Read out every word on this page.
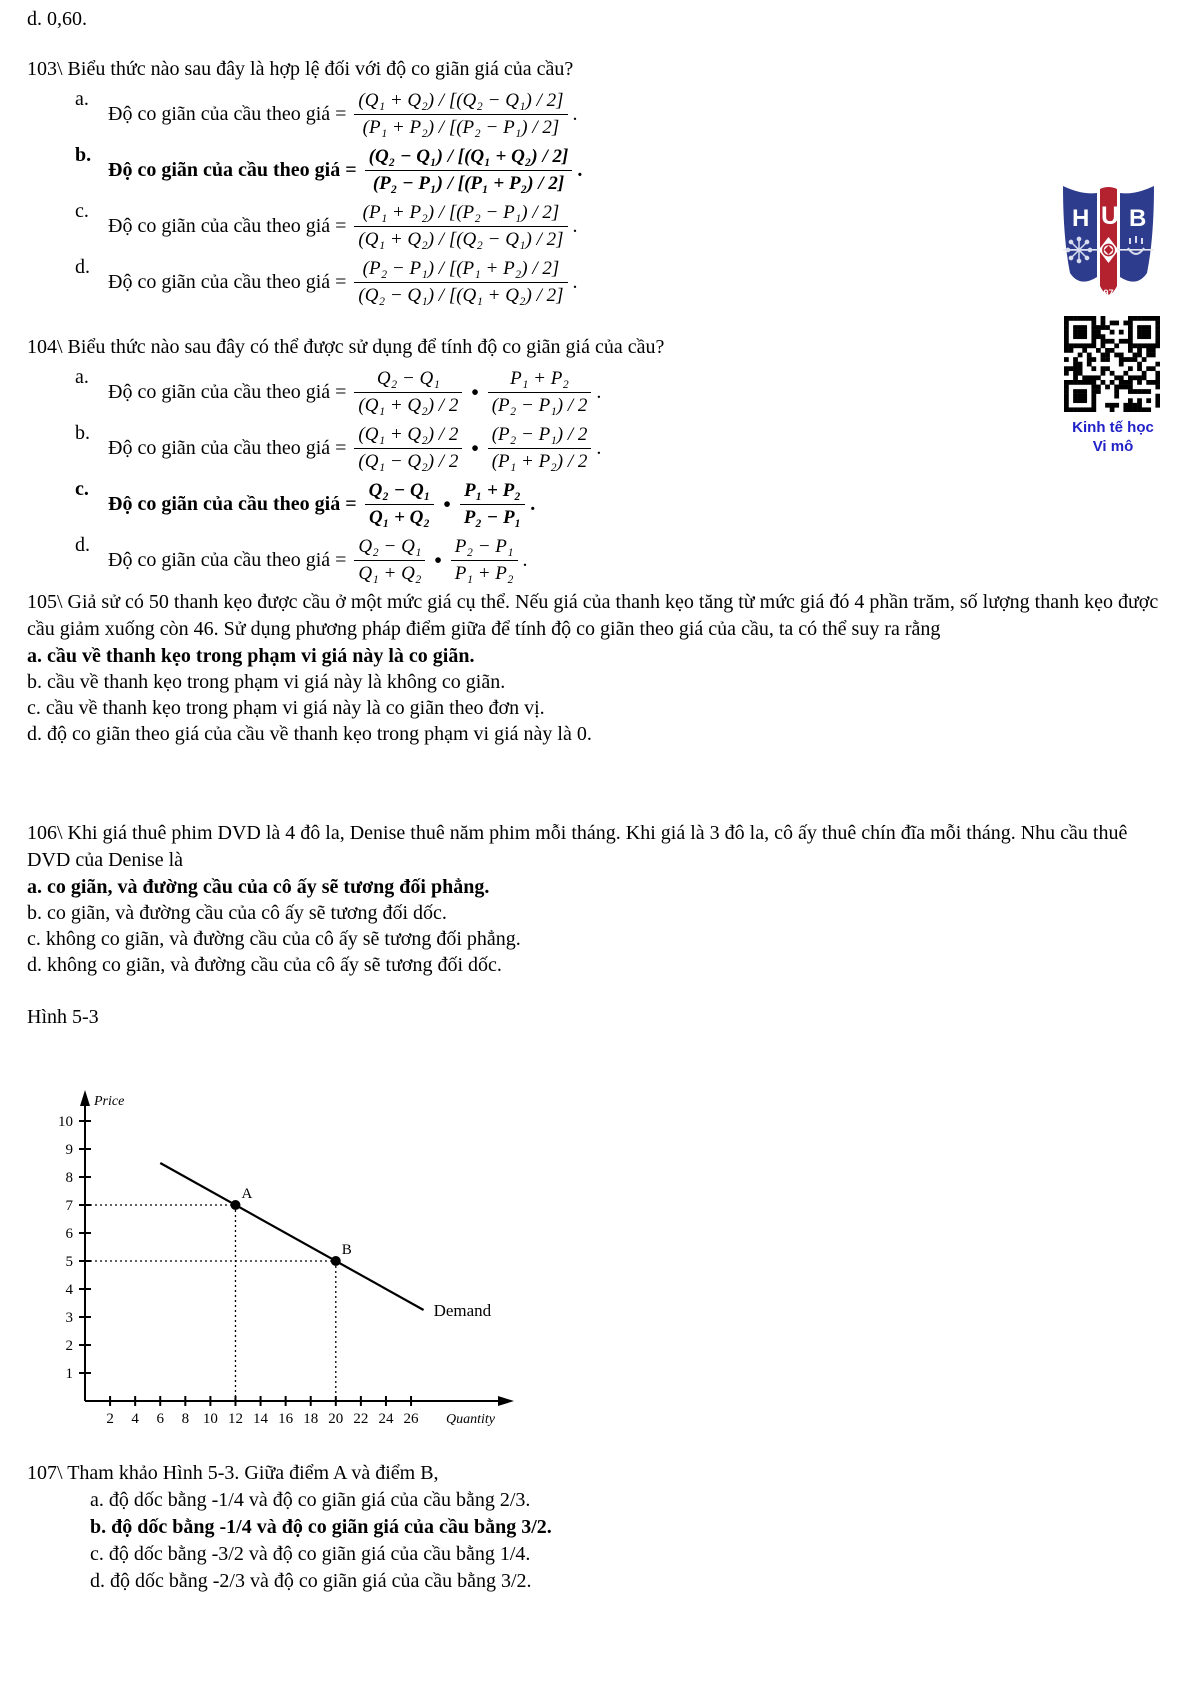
d. 0,60.

103\ Biểu thức nào sau đây là hợp lệ đối với độ co giãn giá của cầu?

a.
Độ co giãn của cầu theo giá = $\frac{\text{(Q₁ + Q₂) / [(Q₂ − Q₁) / 2]}}{\text{(P₁ + P₂) / [(P₂ − P₁) / 2]}}$ .
b.
Độ co giãn của cầu theo giá = $\frac{\text{(Q₂ − Q₁) / [(Q₁ + Q₂) / 2]}}{\text{(P₂ − P₁) / [(P₁ + P₂) / 2]}}$ .
c.
Độ co giãn của cầu theo giá = $\frac{\text{(P₁ + P₂) / [(P₂ − P₁) / 2]}}{\text{(Q₁ + Q₂) / [(Q₂ − Q₁) / 2]}}$ .
d.
Độ co giãn của cầu theo giá = $\frac{\text{(P₂ − P₁) / [(P₁ + P₂) / 2]}}{\text{(Q₂ − Q₁) / [(Q₁ + Q₂) / 2]}}$ .

104\ Biểu thức nào sau đây có thể được sử dụng để tính độ co giãn giá của cầu?

a.
Độ co giãn của cầu theo giá = $\frac{\text{Q₂ − Q₁}}{\text{(Q₁ + Q₂) / 2}}$ • $\frac{\text{P₁ + P₂}}{\text{(P₂ − P₁) / 2}}$ .
b.
Độ co giãn của cầu theo giá = $\frac{\text{(Q₁ + Q₂) / 2}}{\text{(Q₁ − Q₂) / 2}}$ • $\frac{\text{(P₂ − P₁) / 2}}{\text{(P₁ + P₂) / 2}}$ .
c.
Độ co giãn của cầu theo giá = $\frac{\text{Q₂ − Q₁}}{\text{Q₁ + Q₂}}$ • $\frac{\text{P₁ + P₂}}{\text{P₂ − P₁}}$ .
d.
Độ co giãn của cầu theo giá = $\frac{\text{Q₂ − Q₁}}{\text{Q₁ + Q₂}}$ • $\frac{\text{P₂ − P₁}}{\text{P₁ + P₂}}$ .

105\ Giả sử có 50 thanh kẹo được cầu ở một mức giá cụ thể. Nếu giá của thanh kẹo tăng từ mức giá đó 4 phần trăm, số lượng thanh kẹo được cầu giảm xuống còn 46. Sử dụng phương pháp điểm giữa để tính độ co giãn theo giá của cầu, ta có thể suy ra rằng

a. cầu về thanh kẹo trong phạm vi giá này là co giãn.
b. cầu về thanh kẹo trong phạm vi giá này là không co giãn.
c. cầu về thanh kẹo trong phạm vi giá này là co giãn theo đơn vị.
d. độ co giãn theo giá của cầu về thanh kẹo trong phạm vi giá này là 0.

106\ Khi giá thuê phim DVD là 4 đô la, Denise thuê năm phim mỗi tháng. Khi giá là 3 đô la, cô ấy thuê chín đĩa mỗi tháng. Nhu cầu thuê DVD của Denise là

a. co giãn, và đường cầu của cô ấy sẽ tương đối phẳng.
b. co giãn, và đường cầu của cô ấy sẽ tương đối dốc.
c. không co giãn, và đường cầu của cô ấy sẽ tương đối phẳng.
d. không co giãn, và đường cầu của cô ấy sẽ tương đối dốc.

Hình 5-3

1
2
3
4
5
6
7
8
9
10
2 4 6 8 10 12 14 16 18 20 22 24 26
Price
Quantity
Demand
A
B

107\ Tham khảo Hình 5-3. Giữa điểm A và điểm B,

a. độ dốc bằng -1/4 và độ co giãn giá của cầu bằng 2/3.
b. độ dốc bằng -1/4 và độ co giãn giá của cầu bằng 3/2.
c. độ dốc bằng -3/2 và độ co giãn giá của cầu bằng 1/4.
d. độ dốc bằng -2/3 và độ co giãn giá của cầu bằng 3/2.
H U B
1976
Kinh tế học
Vi mô
